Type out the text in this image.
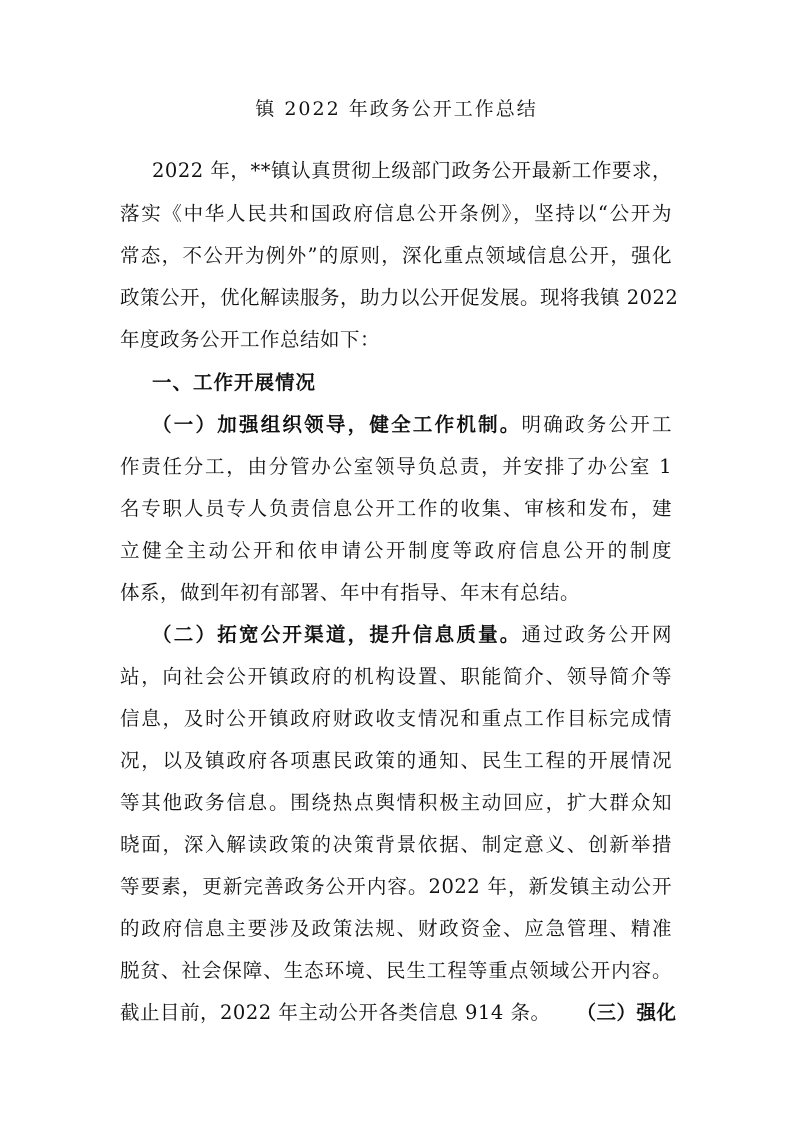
镇 2022 年政务公开工作总结
2022 年，**镇认真贯彻上级部门政务公开最新工作要求，
落实《中华人民共和国政府信息公开条例》，坚持以“公开为
常态，不公开为例外”的原则，深化重点领域信息公开，强化
政策公开，优化解读服务，助力以公开促发展。现将我镇 2022
年度政务公开工作总结如下：
一、工作开展情况
（一）加强组织领导，健全工作机制。明确政务公开工
作责任分工，由分管办公室领导负总责，并安排了办公室 1
名专职人员专人负责信息公开工作的收集、审核和发布，建
立健全主动公开和依申请公开制度等政府信息公开的制度
体系，做到年初有部署、年中有指导、年末有总结。
（二）拓宽公开渠道，提升信息质量。通过政务公开网
站，向社会公开镇政府的机构设置、职能简介、领导简介等
信息，及时公开镇政府财政收支情况和重点工作目标完成情
况，以及镇政府各项惠民政策的通知、民生工程的开展情况
等其他政务信息。围绕热点舆情积极主动回应，扩大群众知
晓面，深入解读政策的决策背景依据、制定意义、创新举措
等要素，更新完善政务公开内容。2022 年，新发镇主动公开
的政府信息主要涉及政策法规、财政资金、应急管理、精准
脱贫、社会保障、生态环境、民生工程等重点领域公开内容。
截止目前，2022 年主动公开各类信息 914 条。 （三）强化
